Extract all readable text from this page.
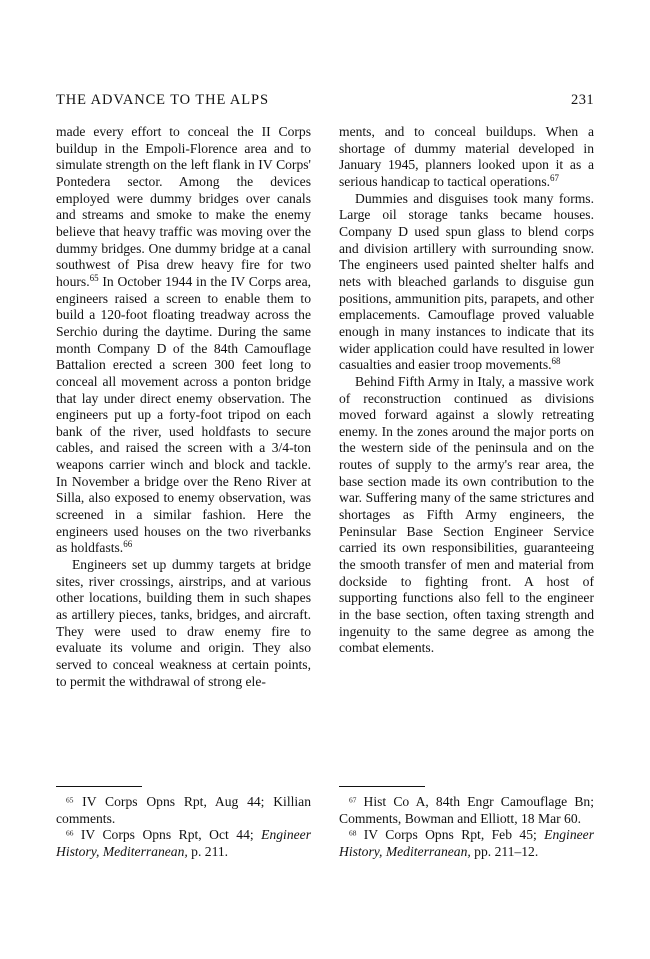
THE ADVANCE TO THE ALPS	231

made every effort to conceal the II Corps buildup in the Empoli-Florence area and to simulate strength on the left flank in IV Corps' Pontedera sector. Among the devices employed were dummy bridges over canals and streams and smoke to make the enemy believe that heavy traffic was moving over the dummy bridges. One dummy bridge at a canal southwest of Pisa drew heavy fire for two hours.$^{65}$ In October 1944 in the IV Corps area, engineers raised a screen to enable them to build a 120-foot floating treadway across the Serchio during the daytime. During the same month Company D of the 84th Camouflage Battalion erected a screen 300 feet long to conceal all movement across a ponton bridge that lay under direct enemy observation. The engineers put up a forty-foot tripod on each bank of the river, used holdfasts to secure cables, and raised the screen with a 3/4-ton weapons carrier winch and block and tackle. In November a bridge over the Reno River at Silla, also exposed to enemy observation, was screened in a similar fashion. Here the engineers used houses on the two riverbanks as holdfasts.$^{66}$

Engineers set up dummy targets at bridge sites, river crossings, airstrips, and at various other locations, building them in such shapes as artillery pieces, tanks, bridges, and aircraft. They were used to draw enemy fire to evaluate its volume and origin. They also served to conceal weakness at certain points, to permit the withdrawal of strong ele-

ments, and to conceal buildups. When a shortage of dummy material developed in January 1945, planners looked upon it as a serious handicap to tactical operations.$^{67}$

Dummies and disguises took many forms. Large oil storage tanks became houses. Company D used spun glass to blend corps and division artillery with surrounding snow. The engineers used painted shelter halfs and nets with bleached garlands to disguise gun positions, ammunition pits, parapets, and other emplacements. Camouflage proved valuable enough in many instances to indicate that its wider application could have resulted in lower casualties and easier troop movements.$^{68}$

Behind Fifth Army in Italy, a massive work of reconstruction continued as divisions moved forward against a slowly retreating enemy. In the zones around the major ports on the western side of the peninsula and on the routes of supply to the army's rear area, the base section made its own contribution to the war. Suffering many of the same strictures and shortages as Fifth Army engineers, the Peninsular Base Section Engineer Service carried its own responsibilities, guaranteeing the smooth transfer of men and material from dockside to fighting front. A host of supporting functions also fell to the engineer in the base section, often taxing strength and ingenuity to the same degree as among the combat elements.

$^{65}$ IV Corps Opns Rpt, Aug 44; Killian comments.

$^{66}$ IV Corps Opns Rpt, Oct 44; Engineer History, Mediterranean, p. 211.

$^{67}$ Hist Co A, 84th Engr Camouflage Bn; Comments, Bowman and Elliott, 18 Mar 60.

$^{68}$ IV Corps Opns Rpt, Feb 45; Engineer History, Mediterranean, pp. 211–12.
